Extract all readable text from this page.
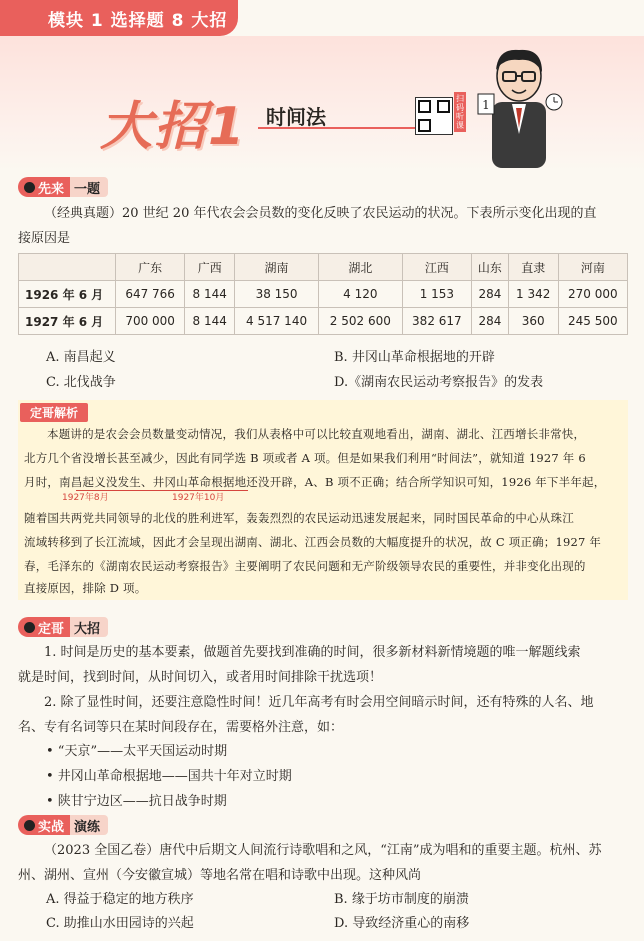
模块 1 选择题 8 大招
大招1 时间法
扫码听课
1
先来 一题
（经典真题）20 世纪 20 年代农会会员数的变化反映了农民运动的状况。下表所示变化出现的直
接原因是
	广东	广西	湖南	湖北	江西	山东	直隶	河南
1926 年 6 月	647 766	8 144	38 150	4 120	1 153	284	1 342	270 000
1927 年 6 月	700 000	8 144	4 517 140	2 502 600	382 617	284	360	245 500
A. 南昌起义	B. 井冈山革命根据地的开辟
C. 北伐战争	D.《湖南农民运动考察报告》的发表
定哥解析
本题讲的是农会会员数量变动情况，我们从表格中可以比较直观地看出，湖南、湖北、江西增长非常快，
北方几个省没增长甚至减少，因此有同学选 B 项或者 A 项。但是如果我们利用“时间法”，就知道 1927 年 6
月时，南昌起义没发生、井冈山革命根据地还没开辟，A、B 项不正确；结合所学知识可知，1926 年下半年起，
1927年8月	1927年10月
随着国共两党共同领导的北伐的胜利进军，轰轰烈烈的农民运动迅速发展起来，同时国民革命的中心从珠江
流域转移到了长江流域，因此才会呈现出湖南、湖北、江西会员数的大幅度提升的状况，故 C 项正确；1927 年
春，毛泽东的《湖南农民运动考察报告》主要阐明了农民问题和无产阶级领导农民的重要性，并非变化出现的
直接原因，排除 D 项。
定哥 大招
1. 时间是历史的基本要素，做题首先要找到准确的时间，很多新材料新情境题的唯一解题线索
就是时间，找到时间，从时间切入，或者用时间排除干扰选项！
2. 除了显性时间，还要注意隐性时间！近几年高考有时会用空间暗示时间，还有特殊的人名、地
名、专有名词等只在某时间段存在，需要格外注意，如：
• “天京”——太平天国运动时期
• 井冈山革命根据地——国共十年对立时期
• 陕甘宁边区——抗日战争时期
实战 演练
（2023 全国乙卷）唐代中后期文人间流行诗歌唱和之风，“江南”成为唱和的重要主题。杭州、苏
州、湖州、宣州（今安徽宣城）等地名常在唱和诗歌中出现。这种风尚
A. 得益于稳定的地方秩序	B. 缘于坊市制度的崩溃
C. 助推山水田园诗的兴起	D. 导致经济重心的南移
